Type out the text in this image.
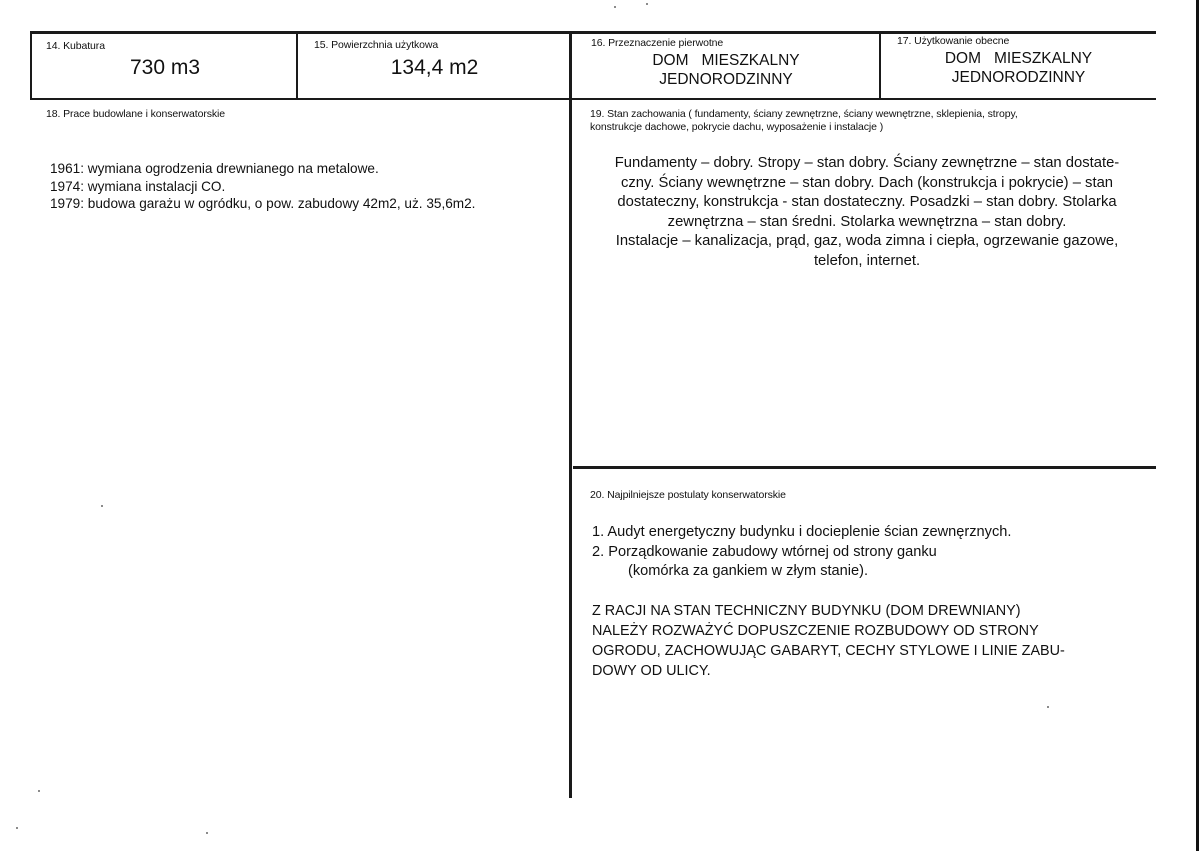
14. Kubatura
730 m3
15. Powierzchnia użytkowa
134,4 m2
16. Przeznaczenie pierwotne
DOM   MIESZKALNY
JEDNORODZINNY
17. Użytkowanie obecne
DOM   MIESZKALNY
JEDNORODZINNY
18. Prace budowlane i konserwatorskie
1961: wymiana ogrodzenia drewnianego na metalowe.
1974: wymiana instalacji CO.
1979: budowa garażu w ogródku, o pow. zabudowy 42m2, uż. 35,6m2.
19. Stan zachowania ( fundamenty, ściany zewnętrzne, ściany wewnętrzne, sklepienia, stropy,
konstrukcje dachowe, pokrycie dachu, wyposażenie i instalacje )
Fundamenty – dobry. Stropy – stan dobry. Ściany zewnętrzne – stan dostate-
czny. Ściany wewnętrzne – stan dobry. Dach (konstrukcja i pokrycie) – stan
dostateczny, konstrukcja - stan dostateczny. Posadzki – stan dobry. Stolarka
zewnętrzna – stan średni. Stolarka wewnętrzna – stan dobry.
Instalacje – kanalizacja, prąd, gaz, woda zimna i ciepła, ogrzewanie gazowe,
telefon, internet.
20. Najpilniejsze postulaty konserwatorskie
1. Audyt energetyczny budynku i docieplenie ścian zewnęrznych.
2. Porządkowanie zabudowy wtórnej od strony ganku
(komórka za gankiem w złym stanie).
Z RACJI NA STAN TECHNICZNY BUDYNKU (DOM DREWNIANY)
NALEŻY ROZWAŻYĆ DOPUSZCZENIE ROZBUDOWY OD STRONY
OGRODU, ZACHOWUJĄC GABARYT, CECHY STYLOWE I LINIE ZABU-
DOWY OD ULICY.
